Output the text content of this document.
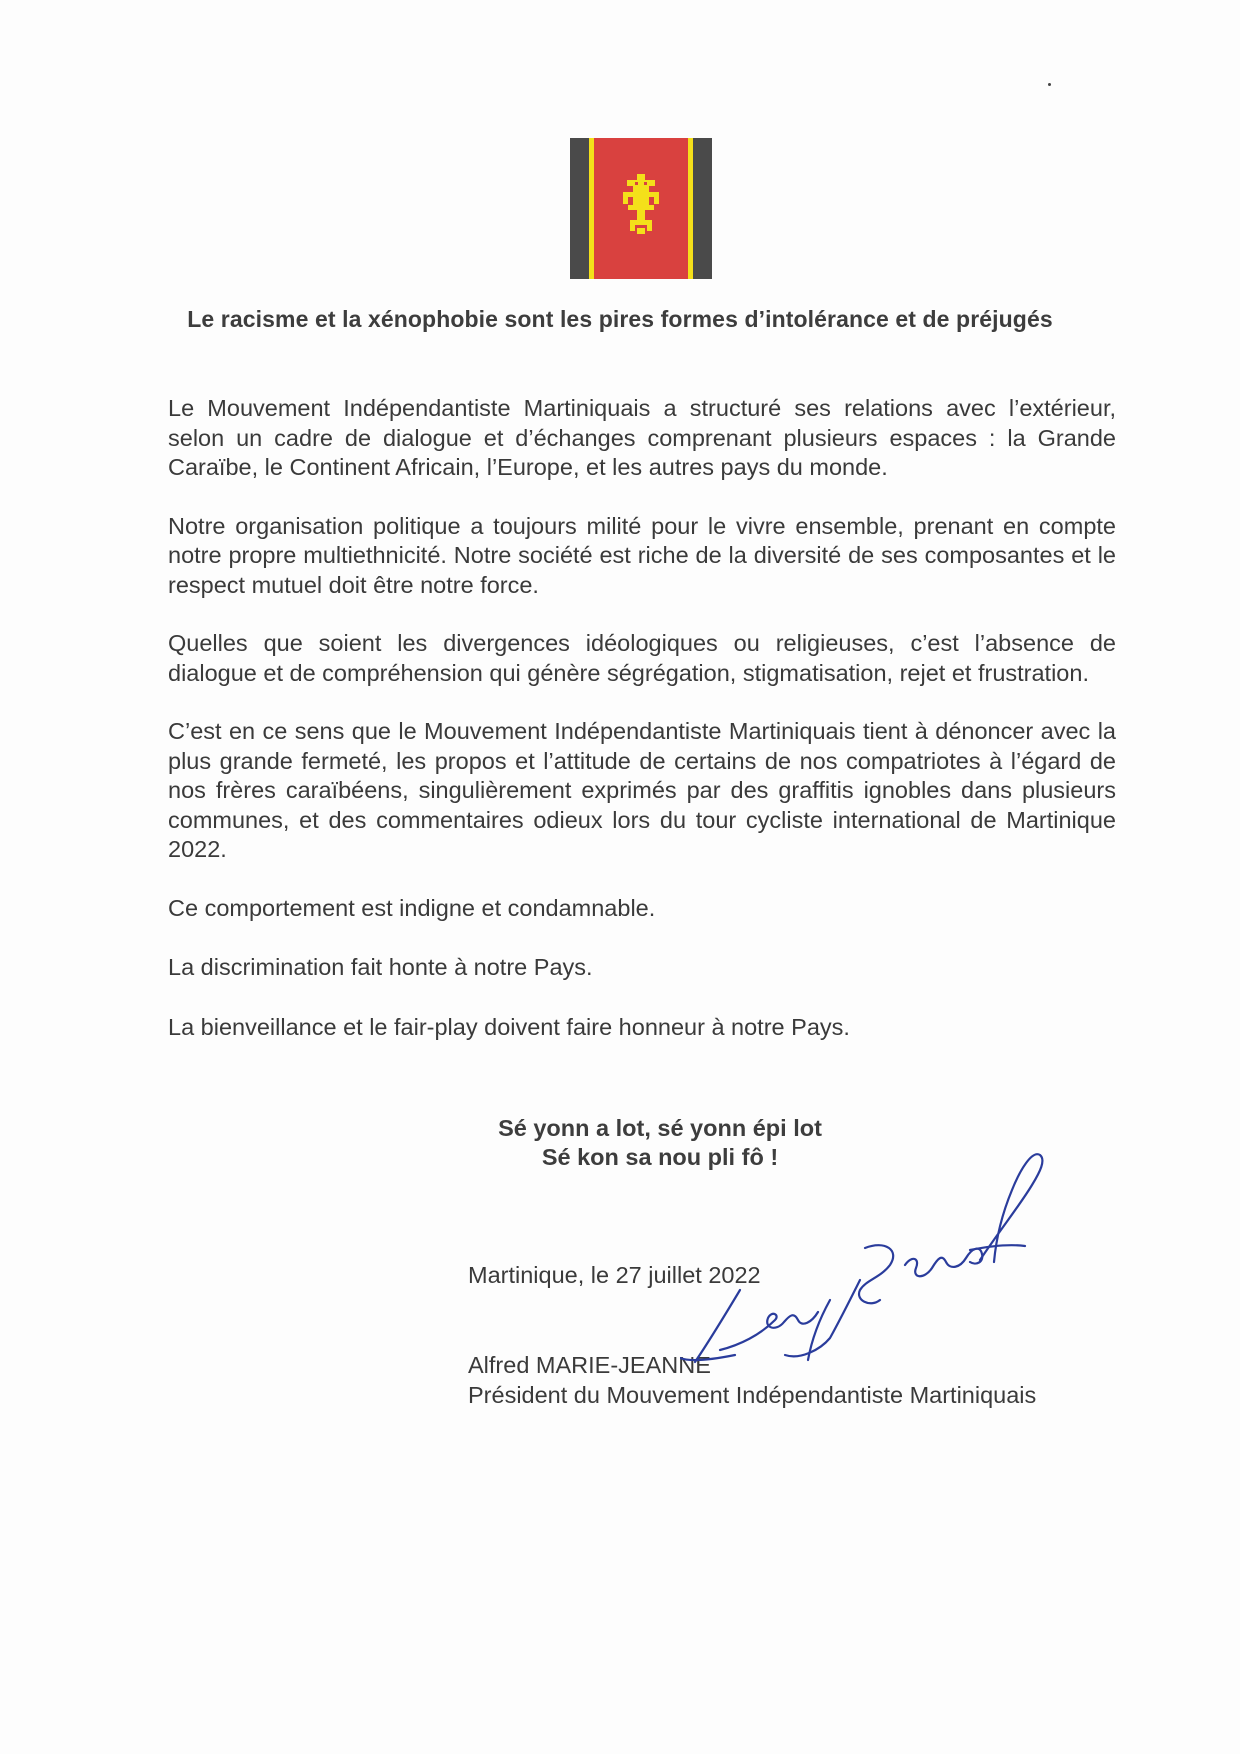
Le racisme et la xénophobie sont les pires formes d’intolérance et de préjugés

Le Mouvement Indépendantiste Martiniquais a structuré ses relations avec l’extérieur, selon un cadre de dialogue et d’échanges comprenant plusieurs espaces : la Grande Caraïbe, le Continent Africain, l’Europe, et les autres pays du monde.

Notre organisation politique a toujours milité pour le vivre ensemble, prenant en compte notre propre multiethnicité. Notre société est riche de la diversité de ses composantes et le respect mutuel doit être notre force.

Quelles que soient les divergences idéologiques ou religieuses, c’est l’absence de dialogue et de compréhension qui génère ségrégation, stigmatisation, rejet et frustration.

C’est en ce sens que le Mouvement Indépendantiste Martiniquais tient à dénoncer avec la plus grande fermeté, les propos et l’attitude de certains de nos compatriotes à l’égard de nos frères caraïbéens, singulièrement exprimés par des graffitis ignobles dans plusieurs communes, et des commentaires odieux lors du tour cycliste international de Martinique 2022.

Ce comportement est indigne et condamnable.

La discrimination fait honte à notre Pays.

La bienveillance et le fair-play doivent faire honneur à notre Pays.

Sé yonn a lot, sé yonn épi lot
Sé kon sa nou pli fô !
Martinique, le 27 juillet 2022
Alfred MARIE-JEANNE
Président du Mouvement Indépendantiste Martiniquais
